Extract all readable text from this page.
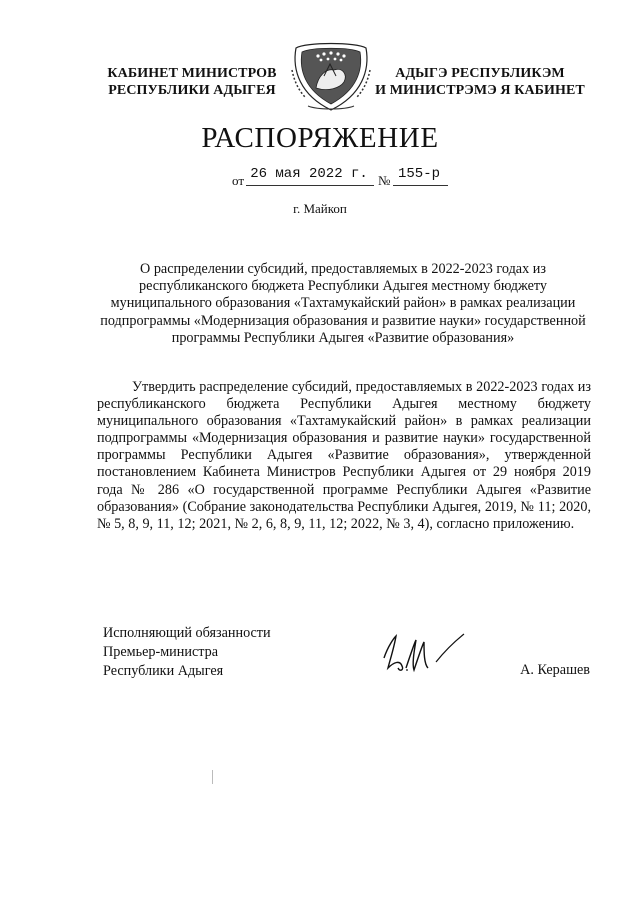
КАБИНЕТ МИНИСТРОВ
РЕСПУБЛИКИ АДЫГЕЯ
АДЫГЭ РЕСПУБЛИКЭМ
И МИНИСТРЭМЭ Я КАБИНЕТ
РАСПОРЯЖЕНИЕ
от 26 мая 2022 г. № 155-р
г. Майкоп
О распределении субсидий, предоставляемых в 2022-2023 годах из республиканского бюджета Республики Адыгея местному бюджету муниципального образования «Тахтамукайский район» в рамках реализации подпрограммы «Модернизация образования и развитие науки» государственной программы Республики Адыгея «Развитие образования»

Утвердить распределение субсидий, предоставляемых в 2022-2023 годах из республиканского бюджета Республики Адыгея местному бюджету муниципального образования «Тахтамукайский район» в рамках реализации подпрограммы «Модернизация образования и развитие науки» государственной программы Республики Адыгея «Развитие образования», утвержденной постановлением Кабинета Министров Республики Адыгея от 29 ноября 2019 года № 286 «О государственной программе Республики Адыгея «Развитие образования» (Собрание законодательства Республики Адыгея, 2019, № 11; 2020, № 5, 8, 9, 11, 12; 2021, № 2, 6, 8, 9, 11, 12; 2022, № 3, 4), согласно приложению.

Исполняющий обязанности
Премьер-министра
Республики Адыгея	А. Керашев
